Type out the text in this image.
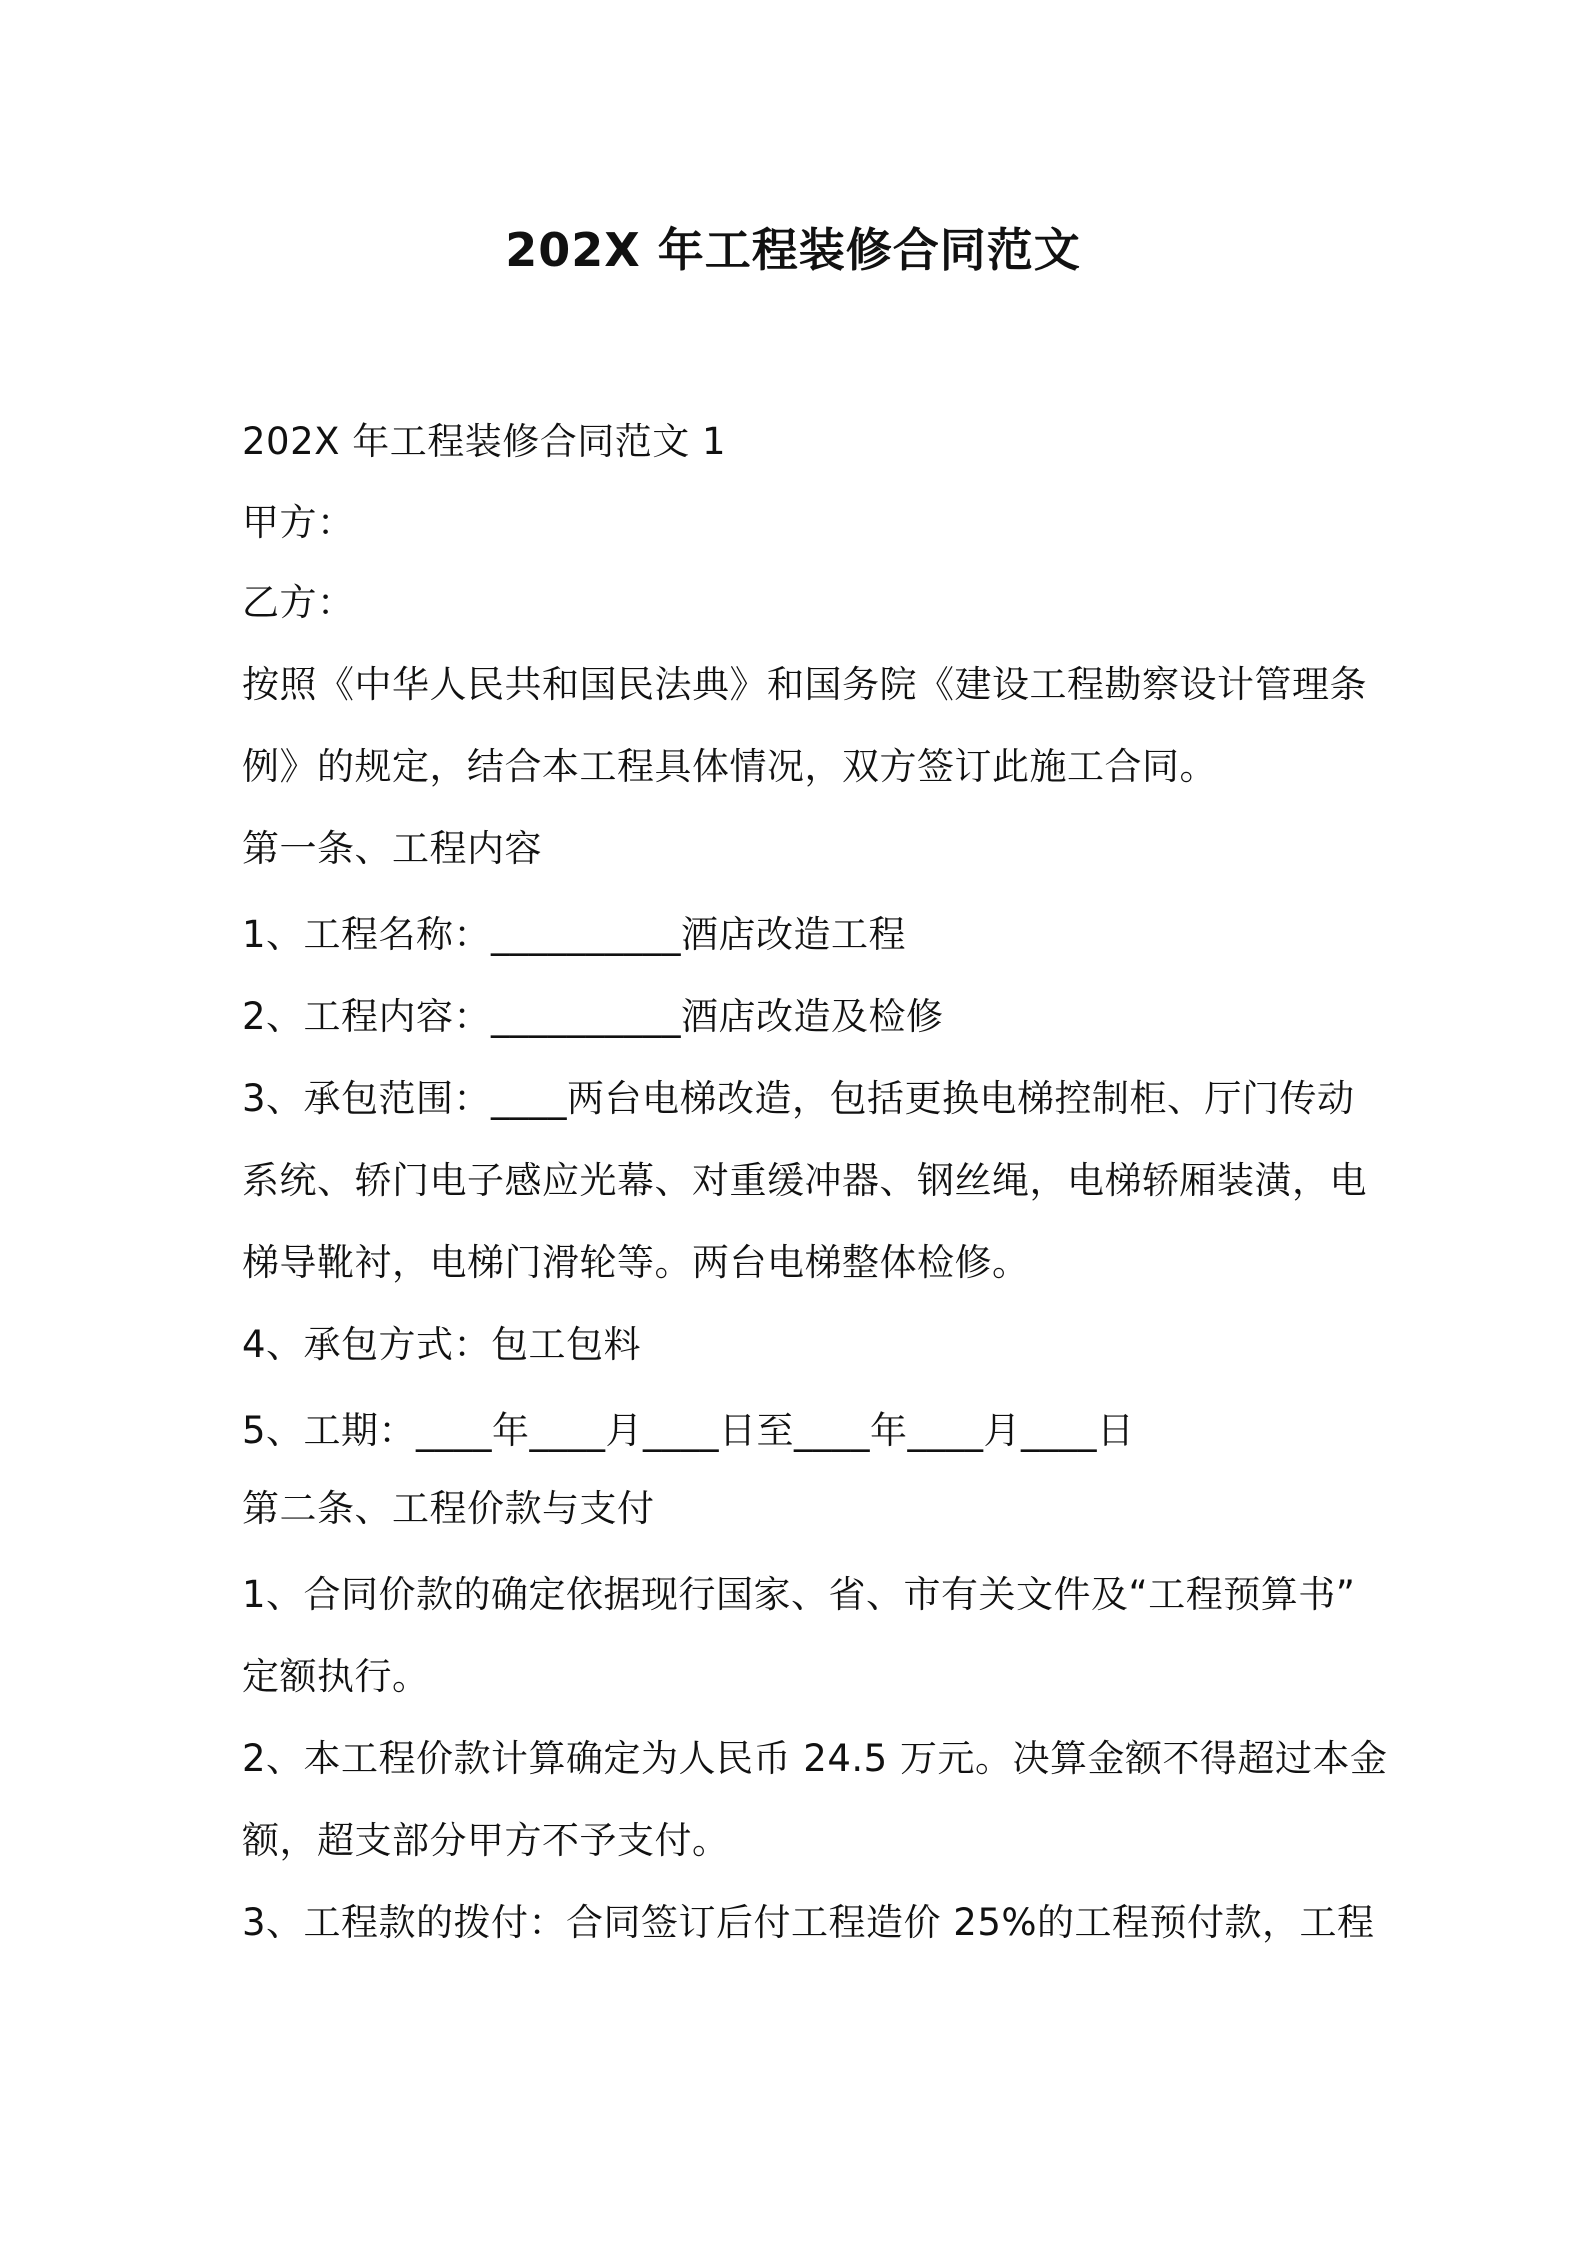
202X 年工程装修合同范文
202X 年工程装修合同范文 1
甲方：
乙方：
按照《中华人民共和国民法典》和国务院《建设工程勘察设计管理条
例》的规定，结合本工程具体情况，双方签订此施工合同。
第一条、工程内容
1、工程名称：__________酒店改造工程
2、工程内容：__________酒店改造及检修
3、承包范围：____两台电梯改造，包括更换电梯控制柜、厅门传动
系统、轿门电子感应光幕、对重缓冲器、钢丝绳，电梯轿厢装潢，电
梯导靴衬，电梯门滑轮等。两台电梯整体检修。
4、承包方式：包工包料
5、工期：____年____月____日至____年____月____日
第二条、工程价款与支付
1、合同价款的确定依据现行国家、省、市有关文件及“工程预算书”
定额执行。
2、本工程价款计算确定为人民币 24.5 万元。决算金额不得超过本金
额，超支部分甲方不予支付。
3、工程款的拨付：合同签订后付工程造价 25%的工程预付款，工程
